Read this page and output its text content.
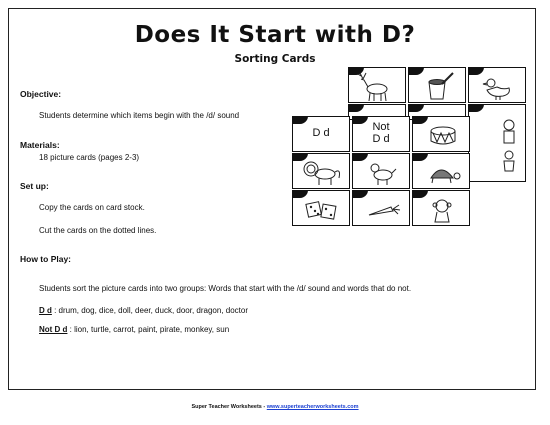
Does It Start with D?
Sorting Cards
D d	Not
D d
Objective:
Students determine which items begin with the /d/ sound
Materials:
18 picture cards (pages 2-3)
Set up:
Copy the cards on card stock.
Cut the cards on the dotted lines.
How to Play:
Students sort the picture cards into two groups: Words that start with the /d/ sound and words that do not.
D d : drum, dog, dice, doll, deer, duck, door, dragon, doctor
Not D d : lion, turtle, carrot, paint, pirate, monkey, sun
Super Teacher Worksheets - www.superteacherworksheets.com
